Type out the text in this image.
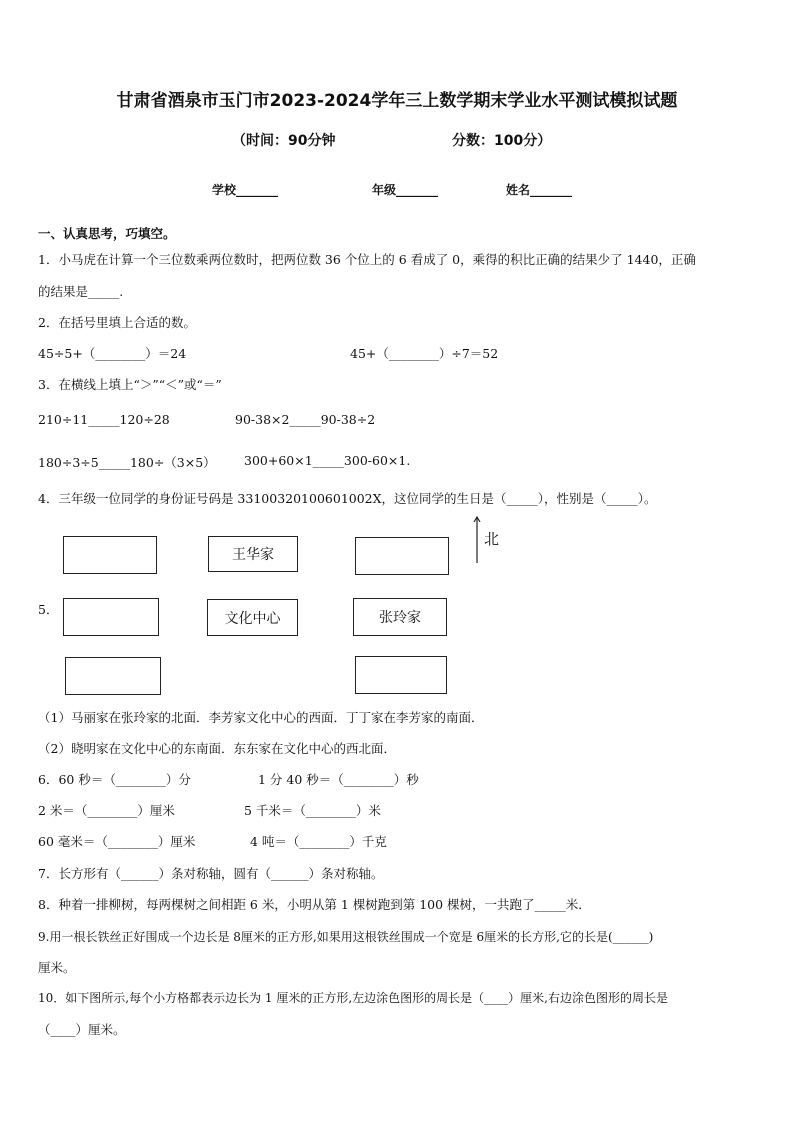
甘肃省酒泉市玉门市2023-2024学年三上数学期末学业水平测试模拟试题
（时间：90分钟	分数：100分）
学校_______	年级_______	姓名_______
一、认真思考，巧填空。
1．小马虎在计算一个三位数乘两位数时，把两位数 36 个位上的 6 看成了 0，乘得的积比正确的结果少了 1440，正确
的结果是_____.
2．在括号里填上合适的数。
45÷5+（________）＝24	45+（________）÷7＝52
3．在横线上填上“＞”“＜”或“＝”
210÷11_____120÷28	90-38×2_____90-38÷2
180÷3÷5_____180÷（3×5） 300+60×1_____300-60×1.
4．三年级一位同学的身份证号码是 33100320100601002X，这位同学的生日是（_____），性别是（_____）。
王华家
北
5．
文化中心	张玲家
（1）马丽家在张玲家的北面．李芳家文化中心的西面．丁丁家在李芳家的南面．
（2）晓明家在文化中心的东南面．东东家在文化中心的西北面．
6．60 秒＝（________）分	1 分 40 秒＝（________）秒
2 米＝（________）厘米	5 千米＝（________）米
60 毫米＝（________）厘米	4 吨＝（________）千克
7．长方形有（______）条对称轴，圆有（______）条对称轴。
8．种着一排柳树，每两棵树之间相距 6 米，小明从第 1 棵树跑到第 100 棵树，一共跑了_____米．
9.用一根长铁丝正好围成一个边长是 8厘米的正方形,如果用这根铁丝围成一个宽是 6厘米的长方形,它的长是(______)
厘米。
10．如下图所示,每个小方格都表示边长为 1 厘米的正方形,左边涂色图形的周长是（____）厘米,右边涂色图形的周长是
（____）厘米。
